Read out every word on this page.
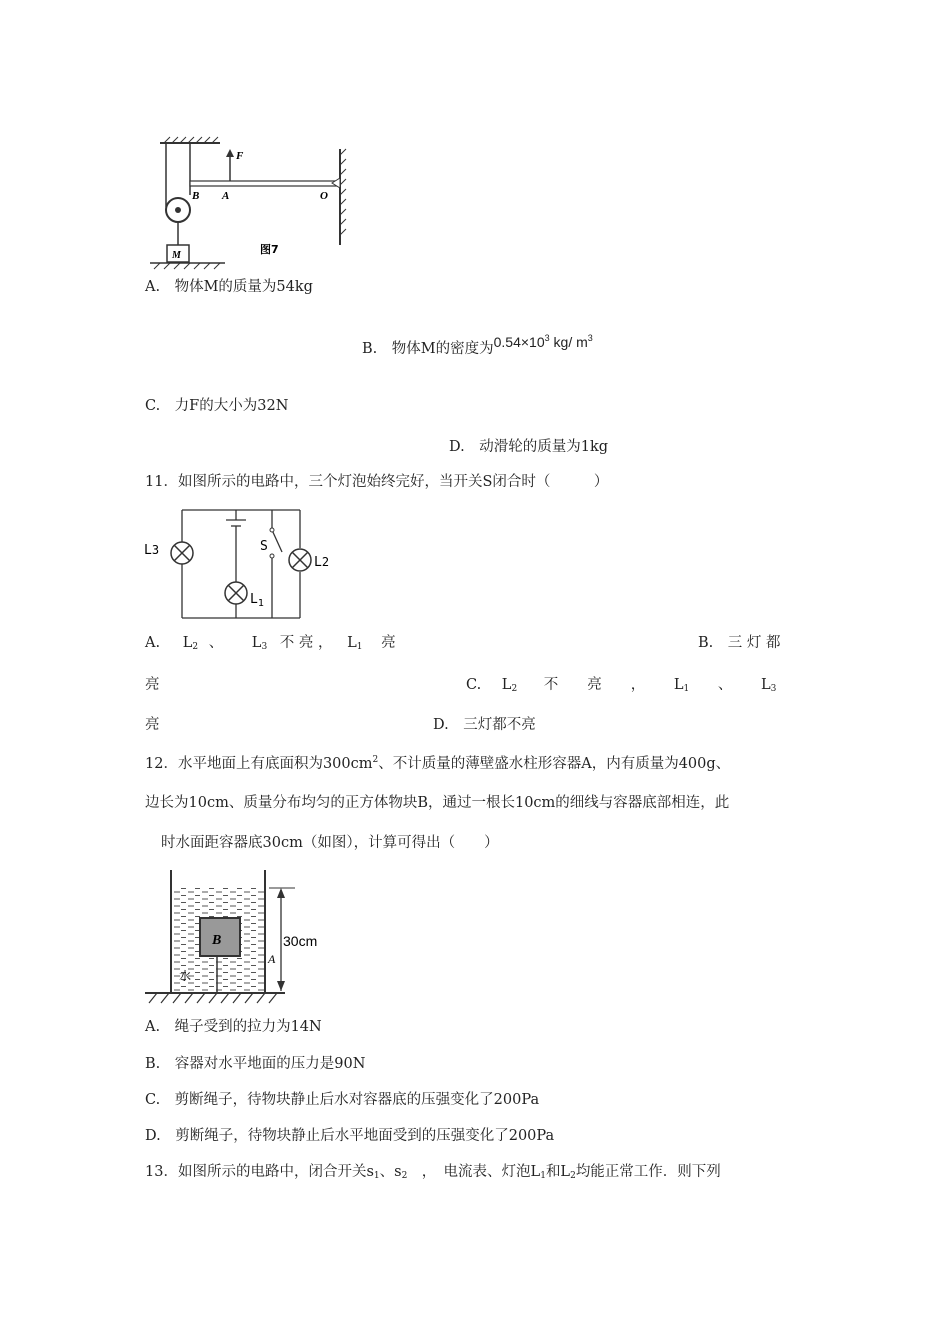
F
B A	O
M	图7
A.　物体M的质量为54kg
B.　物体M的密度为$0.54\times 10^3$ kg/ $m^3$
C.　力F的大小为32N
D.　动滑轮的质量为1kg
11．如图所示的电路中，三个灯泡始终完好，当开关S闭合时（　　　）
L3	S
L2
$L_1$
A. $L_2$ 、 $L_3$ 不 亮 ， $L_1$ 亮	B.　三 灯 都
亮	C. $L_2$ 不　　亮　　， $L_1$ 、 $L_3$
亮	D.　三灯都不亮
12．水平地面上有底面积为$300cm^2$、不计质量的薄壁盛水柱形容器A，内有质量为400g、
边长为10cm、质量分布均匀的正方体物块B，通过一根长10cm的细线与容器底部相连，此
时水面距容器底30cm（如图），计算可得出（　　）
B
水
A
30cm
A.　绳子受到的拉力为14N
B.　容器对水平地面的压力是90N
C.　剪断绳子，待物块静止后水对容器底的压强变化了200Pa
D.　剪断绳子，待物块静止后水平地面受到的压强变化了200Pa
13．如图所示的电路中，闭合开关$s_1$、$s_2$　，　电流表、灯泡$L_1$和$L_2$均能正常工作．则下列
